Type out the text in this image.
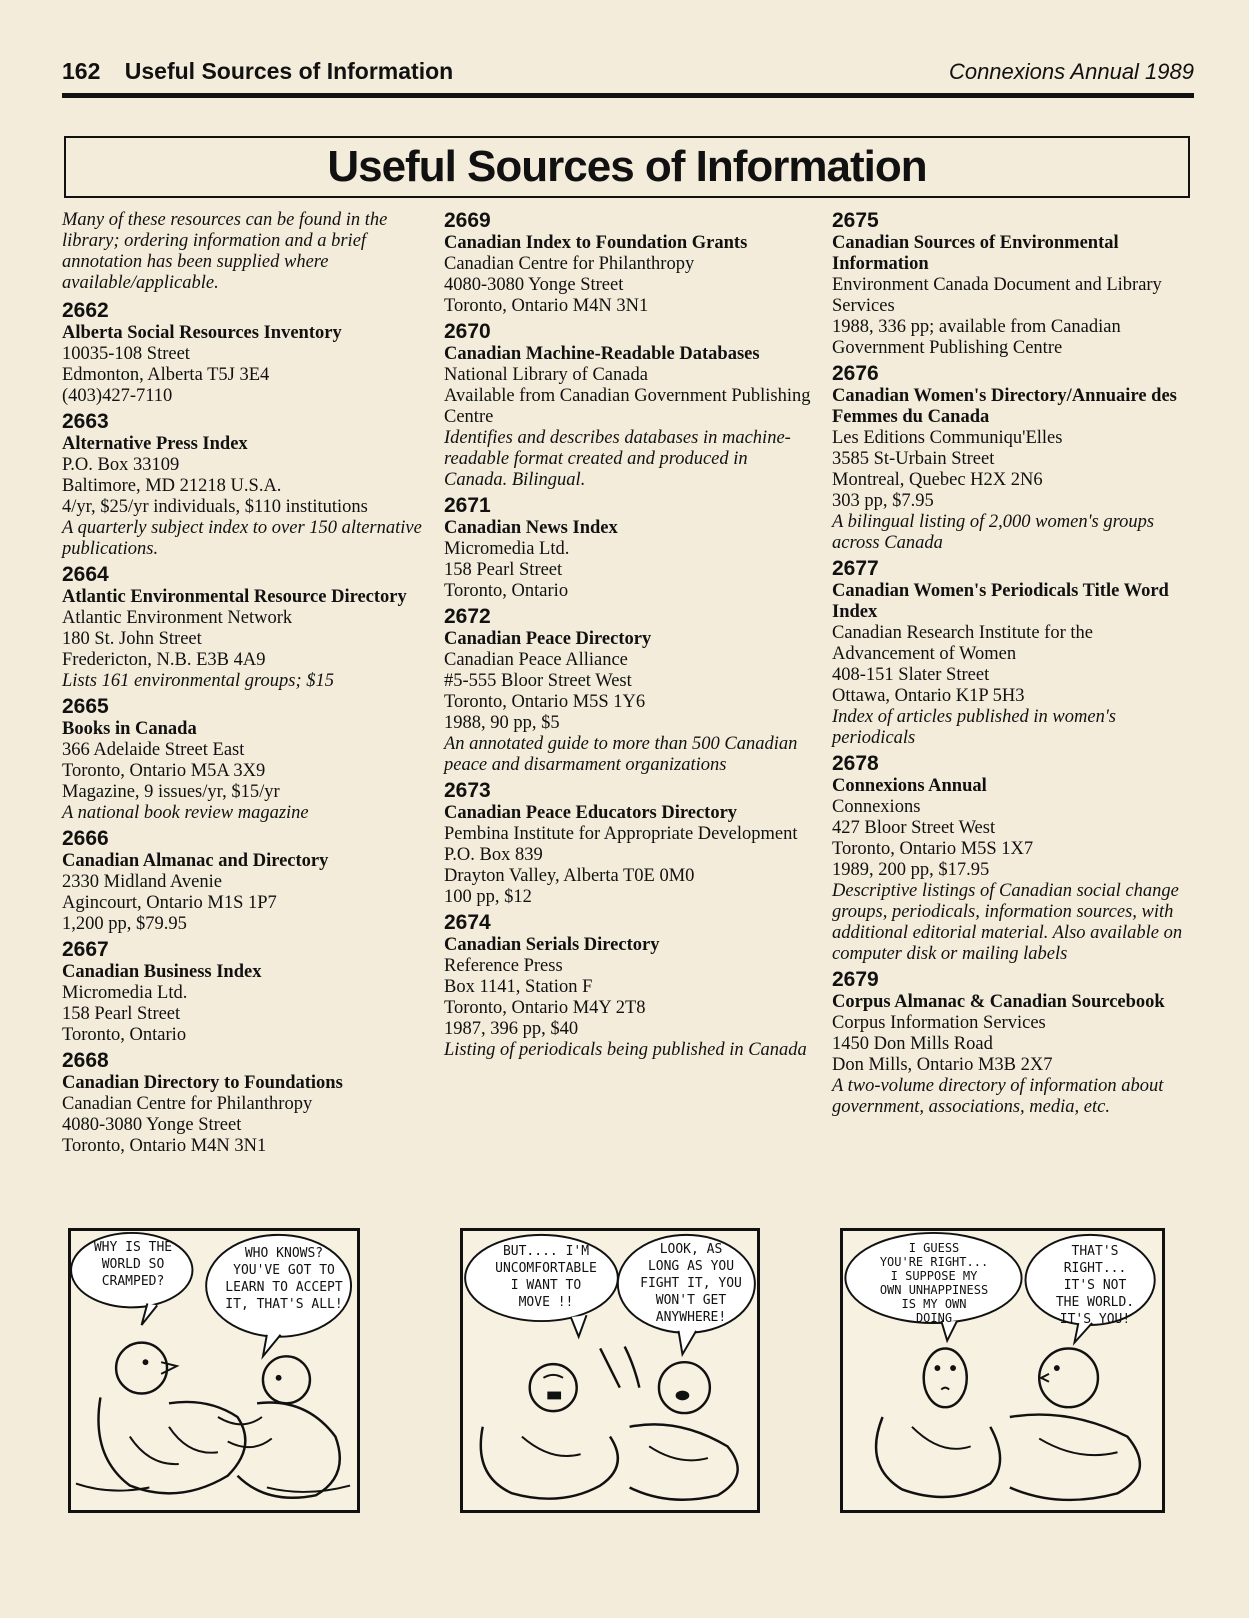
162 Useful Sources of Information	Connexions Annual 1989
Useful Sources of Information
Many of these resources can be found in the library; ordering information and a brief annotation has been supplied where available/applicable.
2662
Alberta Social Resources Inventory
10035-108 Street
Edmonton, Alberta T5J 3E4
(403)427-7110
2663
Alternative Press Index
P.O. Box 33109
Baltimore, MD 21218 U.S.A.
4/yr, $25/yr individuals, $110 institutions
A quarterly subject index to over 150 alternative publications.
2664
Atlantic Environmental Resource Directory
Atlantic Environment Network
180 St. John Street
Fredericton, N.B. E3B 4A9
Lists 161 environmental groups; $15
2665
Books in Canada
366 Adelaide Street East
Toronto, Ontario M5A 3X9
Magazine, 9 issues/yr, $15/yr
A national book review magazine
2666
Canadian Almanac and Directory
2330 Midland Avenie
Agincourt, Ontario M1S 1P7
1,200 pp, $79.95
2667
Canadian Business Index
Micromedia Ltd.
158 Pearl Street
Toronto, Ontario
2668
Canadian Directory to Foundations
Canadian Centre for Philanthropy
4080-3080 Yonge Street
Toronto, Ontario M4N 3N1
2669
Canadian Index to Foundation Grants
Canadian Centre for Philanthropy
4080-3080 Yonge Street
Toronto, Ontario M4N 3N1
2670
Canadian Machine-Readable Databases
National Library of Canada
Available from Canadian Government Publishing Centre
Identifies and describes databases in machine-readable format created and produced in Canada. Bilingual.
2671
Canadian News Index
Micromedia Ltd.
158 Pearl Street
Toronto, Ontario
2672
Canadian Peace Directory
Canadian Peace Alliance
#5-555 Bloor Street West
Toronto, Ontario M5S 1Y6
1988, 90 pp, $5
An annotated guide to more than 500 Canadian peace and disarmament organizations
2673
Canadian Peace Educators Directory
Pembina Institute for Appropriate Development
P.O. Box 839
Drayton Valley, Alberta T0E 0M0
100 pp, $12
2674
Canadian Serials Directory
Reference Press
Box 1141, Station F
Toronto, Ontario M4Y 2T8
1987, 396 pp, $40
Listing of periodicals being published in Canada
2675
Canadian Sources of Environmental Information
Environment Canada Document and Library Services
1988, 336 pp; available from Canadian Government Publishing Centre
2676
Canadian Women's Directory/Annuaire des Femmes du Canada
Les Editions Communiqu'Elles
3585 St-Urbain Street
Montreal, Quebec H2X 2N6
303 pp, $7.95
A bilingual listing of 2,000 women's groups across Canada
2677
Canadian Women's Periodicals Title Word Index
Canadian Research Institute for the Advancement of Women
408-151 Slater Street
Ottawa, Ontario K1P 5H3
Index of articles published in women's periodicals
2678
Connexions Annual
Connexions
427 Bloor Street West
Toronto, Ontario M5S 1X7
1989, 200 pp, $17.95
Descriptive listings of Canadian social change groups, periodicals, information sources, with additional editorial material. Also available on computer disk or mailing labels
2679
Corpus Almanac & Canadian Sourcebook
Corpus Information Services
1450 Don Mills Road
Don Mills, Ontario M3B 2X7
A two-volume directory of information about government, associations, media, etc.
WHY IS THE
WORLD SO
CRAMPED?
WHO KNOWS?
YOU'VE GOT TO
LEARN TO ACCEPT
IT, THAT'S ALL!
BUT.... I'M
UNCOMFORTABLE
I WANT TO
MOVE !!
LOOK, AS
LONG AS YOU
FIGHT IT, YOU
WON'T GET
ANYWHERE!
I GUESS
YOU'RE RIGHT...
I SUPPOSE MY
OWN UNHAPPINESS
IS MY OWN
DOING
THAT'S
RIGHT...
IT'S NOT
THE WORLD.
IT'S YOU!
